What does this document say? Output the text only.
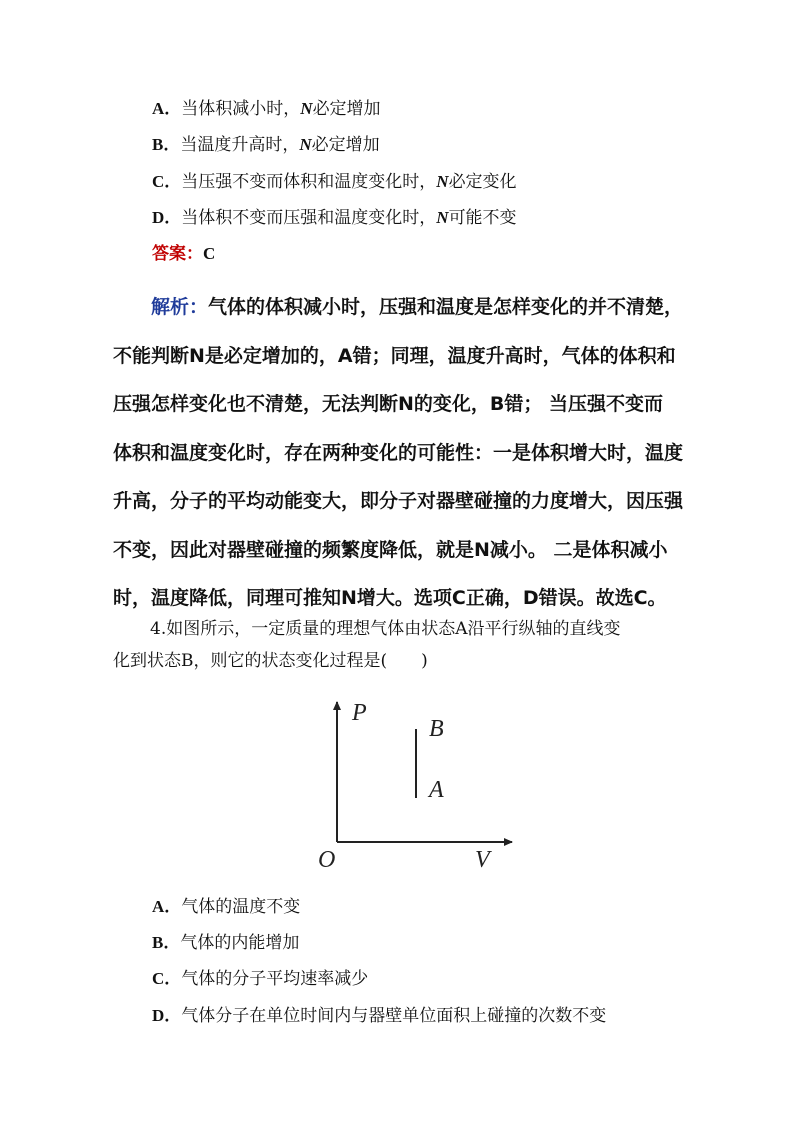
A．当体积减小时，N必定增加
B．当温度升高时，N必定增加
C．当压强不变而体积和温度变化时，N必定变化
D．当体积不变而压强和温度变化时，N可能不变
答案：C

解析：气体的体积减小时，压强和温度是怎样变化的并不清楚，

不能判断N是必定增加的，A错；同理，温度升高时，气体的体积和

压强怎样变化也不清楚，无法判断N的变化，B错； 当压强不变而

体积和温度变化时，存在两种变化的可能性：一是体积增大时，温度

升高，分子的平均动能变大，即分子对器壁碰撞的力度增大，因压强

不变，因此对器壁碰撞的频繁度降低，就是N减小。 二是体积减小

时，温度降低，同理可推知N增大。选项C正确，D错误。故选C。

4.如图所示，一定质量的理想气体由状态A沿平行纵轴的直线变

化到状态B，则它的状态变化过程是(　　)

P
O	V
B
A
A．气体的温度不变
B．气体的内能增加
C．气体的分子平均速率减少
D．气体分子在单位时间内与器壁单位面积上碰撞的次数不变
